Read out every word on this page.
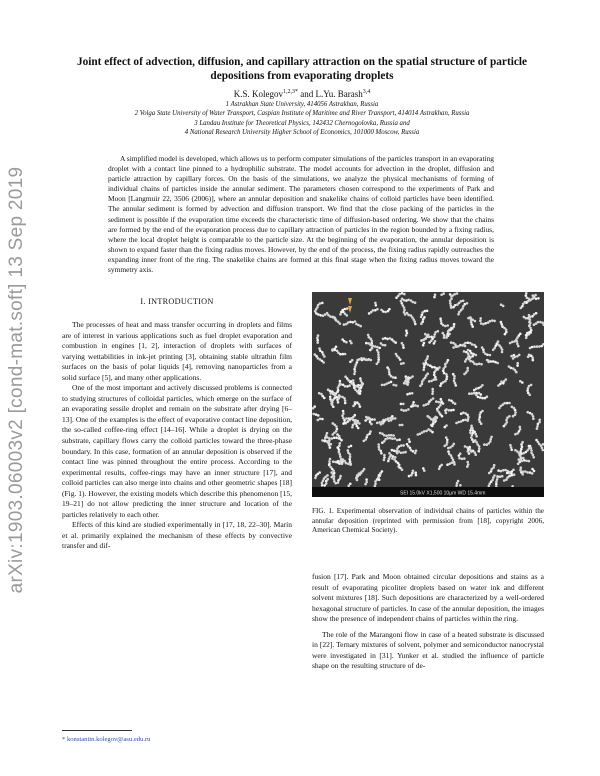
arXiv:1903.06003v2 [cond-mat.soft] 13 Sep 2019
Joint effect of advection, diffusion, and capillary attraction on the spatial structure of particle depositions from evaporating droplets
K.S. Kolegov$^{1,2,3*}$ and L.Yu. Barash$^{3,4}$
1 Astrakhan State University, 414056 Astrakhan, Russia
2 Volga State University of Water Transport, Caspian Institute of Maritime and River Transport, 414014 Astrakhan, Russia
3 Landau Institute for Theoretical Physics, 142432 Chernogolovka, Russia and
4 National Research University Higher School of Economics, 101000 Moscow, Russia
A simplified model is developed, which allows us to perform computer simulations of the particles transport in an evaporating droplet with a contact line pinned to a hydrophilic substrate. The model accounts for advection in the droplet, diffusion and particle attraction by capillary forces. On the basis of the simulations, we analyze the physical mechanisms of forming of individual chains of particles inside the annular sediment. The parameters chosen correspond to the experiments of Park and Moon [Langmuir 22, 3506 (2006)], where an annular deposition and snakelike chains of colloid particles have been identified. The annular sediment is formed by advection and diffusion transport. We find that the close packing of the particles in the sediment is possible if the evaporation time exceeds the characteristic time of diffusion-based ordering. We show that the chains are formed by the end of the evaporation process due to capillary attraction of particles in the region bounded by a fixing radius, where the local droplet height is comparable to the particle size. At the beginning of the evaporation, the annular deposition is shown to expand faster than the fixing radius moves. However, by the end of the process, the fixing radius rapidly outreaches the expanding inner front of the ring. The snakelike chains are formed at this final stage when the fixing radius moves toward the symmetry axis.
I. INTRODUCTION

The processes of heat and mass transfer occurring in droplets and films are of interest in various applications such as fuel droplet evaporation and combustion in engines [1, 2], interaction of droplets with surfaces of varying wettabilities in ink-jet printing [3], obtaining stable ultrathin film surfaces on the basis of polar liquids [4], removing nanoparticles from a solid surface [5], and many other applications.

One of the most important and actively discussed problems is connected to studying structures of colloidal particles, which emerge on the surface of an evaporating sessile droplet and remain on the substrate after drying [6–13]. One of the examples is the effect of evaporative contact line deposition, the so-called coffee-ring effect [14–16]. While a droplet is drying on the substrate, capillary flows carry the colloid particles toward the three-phase boundary. In this case, formation of an annular deposition is observed if the contact line was pinned throughout the entire process. According to the experimental results, coffee-rings may have an inner structure [17], and colloid particles can also merge into chains and other geometric shapes [18] (Fig. 1). However, the existing models which describe this phenomenon [15, 19–21] do not allow predicting the inner structure and location of the particles relatively to each other.

Effects of this kind are studied experimentally in [17, 18, 22–30]. Marín et al. primarily explained the mechanism of these effects by convective transfer and dif-

SEI 15.0kV X1,500 10µm WD 15.4mm
FIG. 1. Experimental observation of individual chains of particles within the annular deposition (reprinted with permission from [18], copyright 2006, American Chemical Society).

fusion [17]. Park and Moon obtained circular depositions and stains as a result of evaporating picoliter droplets based on water ink and different solvent mixtures [18]. Such depositions are characterized by a well-ordered hexagonal structure of particles. In case of the annular deposition, the images show the presence of independent chains of particles within the ring.

The role of the Marangoni flow in case of a heated substrate is discussed in [22]. Ternary mixtures of solvent, polymer and semiconductor nanocrystal were investigated in [31]. Yunker et al. studied the influence of particle shape on the resulting structure of de-

* konstantin.kolegov@asu.edu.ru
